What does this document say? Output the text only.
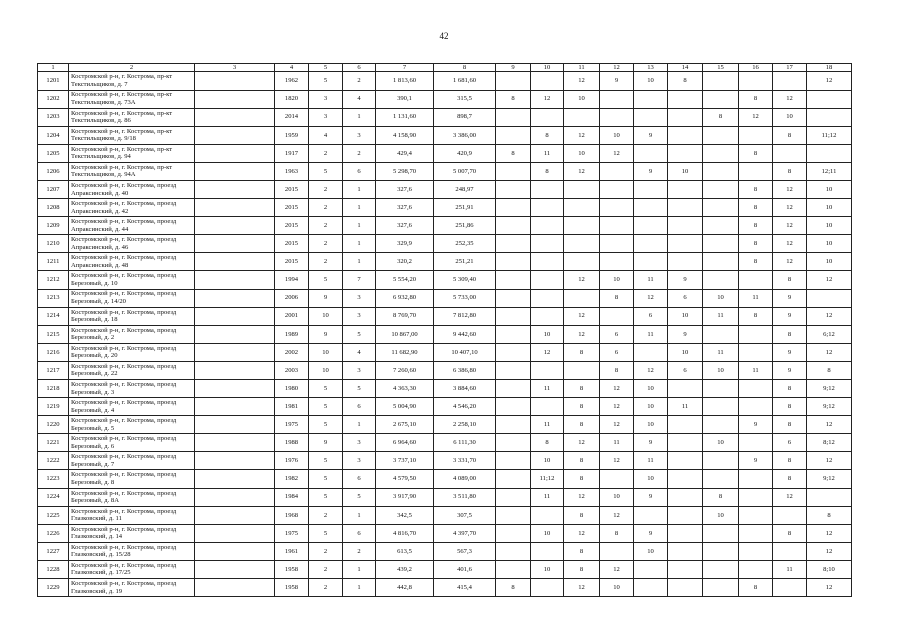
42
1	2	3	4	5	6	7	8	9	10	11	12	13	14	15	16	17	18
1201	Костромской р-н, г. Кострома, пр-кт Текстильщиков, д. 7		1962	5	2	1 813,60	1 681,60			12	9	10	8				12
1202	Костромской р-н, г. Кострома, пр-кт Текстильщиков, д. 73А		1820	3	4	390,1	315,5	8	12	10					8	12	
1203	Костромской р-н, г. Кострома, пр-кт Текстильщиков, д. 86		2014	3	1	1 131,60	898,7							8	12	10	
1204	Костромской р-н, г. Кострома, пр-кт Текстильщиков, д. 9/18		1959	4	3	4 158,90	3 386,00		8	12	10	9				8	11;12
1205	Костромской р-н, г. Кострома, пр-кт Текстильщиков, д. 94		1917	2	2	429,4	420,9	8	11	10	12				8		
1206	Костромской р-н, г. Кострома, пр-кт Текстильщиков, д. 94А		1963	5	6	5 298,70	5 007,70		8	12		9	10			8	12;11
1207	Костромской р-н, г. Кострома, проезд Апраксинский, д. 40		2015	2	1	327,6	248,97								8	12	10
1208	Костромской р-н, г. Кострома, проезд Апраксинский, д. 42		2015	2	1	327,6	251,91								8	12	10
1209	Костромской р-н, г. Кострома, проезд Апраксинский, д. 44		2015	2	1	327,6	251,86								8	12	10
1210	Костромской р-н, г. Кострома, проезд Апраксинский, д. 46		2015	2	1	329,9	252,35								8	12	10
1211	Костромской р-н, г. Кострома, проезд Апраксинский, д. 48		2015	2	1	320,2	251,21								8	12	10
1212	Костромской р-н, г. Кострома, проезд Березовый, д. 10		1994	5	7	5 554,20	5 309,40			12	10	11	9			8	12
1213	Костромской р-н, г. Кострома, проезд Березовый, д. 14/20		2006	9	3	6 932,80	5 733,00				8	12	6	10	11	9	
1214	Костромской р-н, г. Кострома, проезд Березовый, д. 18		2001	10	3	8 769,70	7 812,80			12		6	10	11	8	9	12
1215	Костромской р-н, г. Кострома, проезд Березовый, д. 2		1989	9	5	10 867,00	9 442,60		10	12	6	11	9			8	6;12
1216	Костромской р-н, г. Кострома, проезд Березовый, д. 20		2002	10	4	11 682,90	10 407,10		12	8	6		10	11		9	12
1217	Костромской р-н, г. Кострома, проезд Березовый, д. 22		2003	10	3	7 260,60	6 386,80				8	12	6	10	11	9	8
1218	Костромской р-н, г. Кострома, проезд Березовый, д. 3		1980	5	5	4 363,30	3 884,60		11	8	12	10				8	9;12
1219	Костромской р-н, г. Кострома, проезд Березовый, д. 4		1981	5	6	5 004,90	4 546,20			8	12	10	11			8	9;12
1220	Костромской р-н, г. Кострома, проезд Березовый, д. 5		1975	5	1	2 675,10	2 258,10		11	8	12	10			9	8	12
1221	Костромской р-н, г. Кострома, проезд Березовый, д. 6		1988	9	3	6 964,60	6 111,30		8	12	11	9		10		6	8;12
1222	Костромской р-н, г. Кострома, проезд Березовый, д. 7		1976	5	3	3 737,10	3 331,70		10	8	12	11			9	8	12
1223	Костромской р-н, г. Кострома, проезд Березовый, д. 8		1982	5	6	4 579,50	4 089,00		11;12	8		10				8	9;12
1224	Костромской р-н, г. Кострома, проезд Березовый, д. 8А		1984	5	5	3 917,90	3 511,80		11	12	10	9		8		12	
1225	Костромской р-н, г. Кострома, проезд Глазковский, д. 11		1968	2	1	342,5	307,5			8	12			10			8
1226	Костромской р-н, г. Кострома, проезд Глазковский, д. 14		1975	5	6	4 816,70	4 397,70		10	12	8	9				8	12
1227	Костромской р-н, г. Кострома, проезд Глазковский, д. 15/28		1961	2	2	613,5	567,3			8		10					12
1228	Костромской р-н, г. Кострома, проезд Глазковский, д. 17/25		1958	2	1	439,2	401,6		10	8	12					11	8;10
1229	Костромской р-н, г. Кострома, проезд Глазковский, д. 19		1958	2	1	442,8	415,4	8		12	10				8		12
